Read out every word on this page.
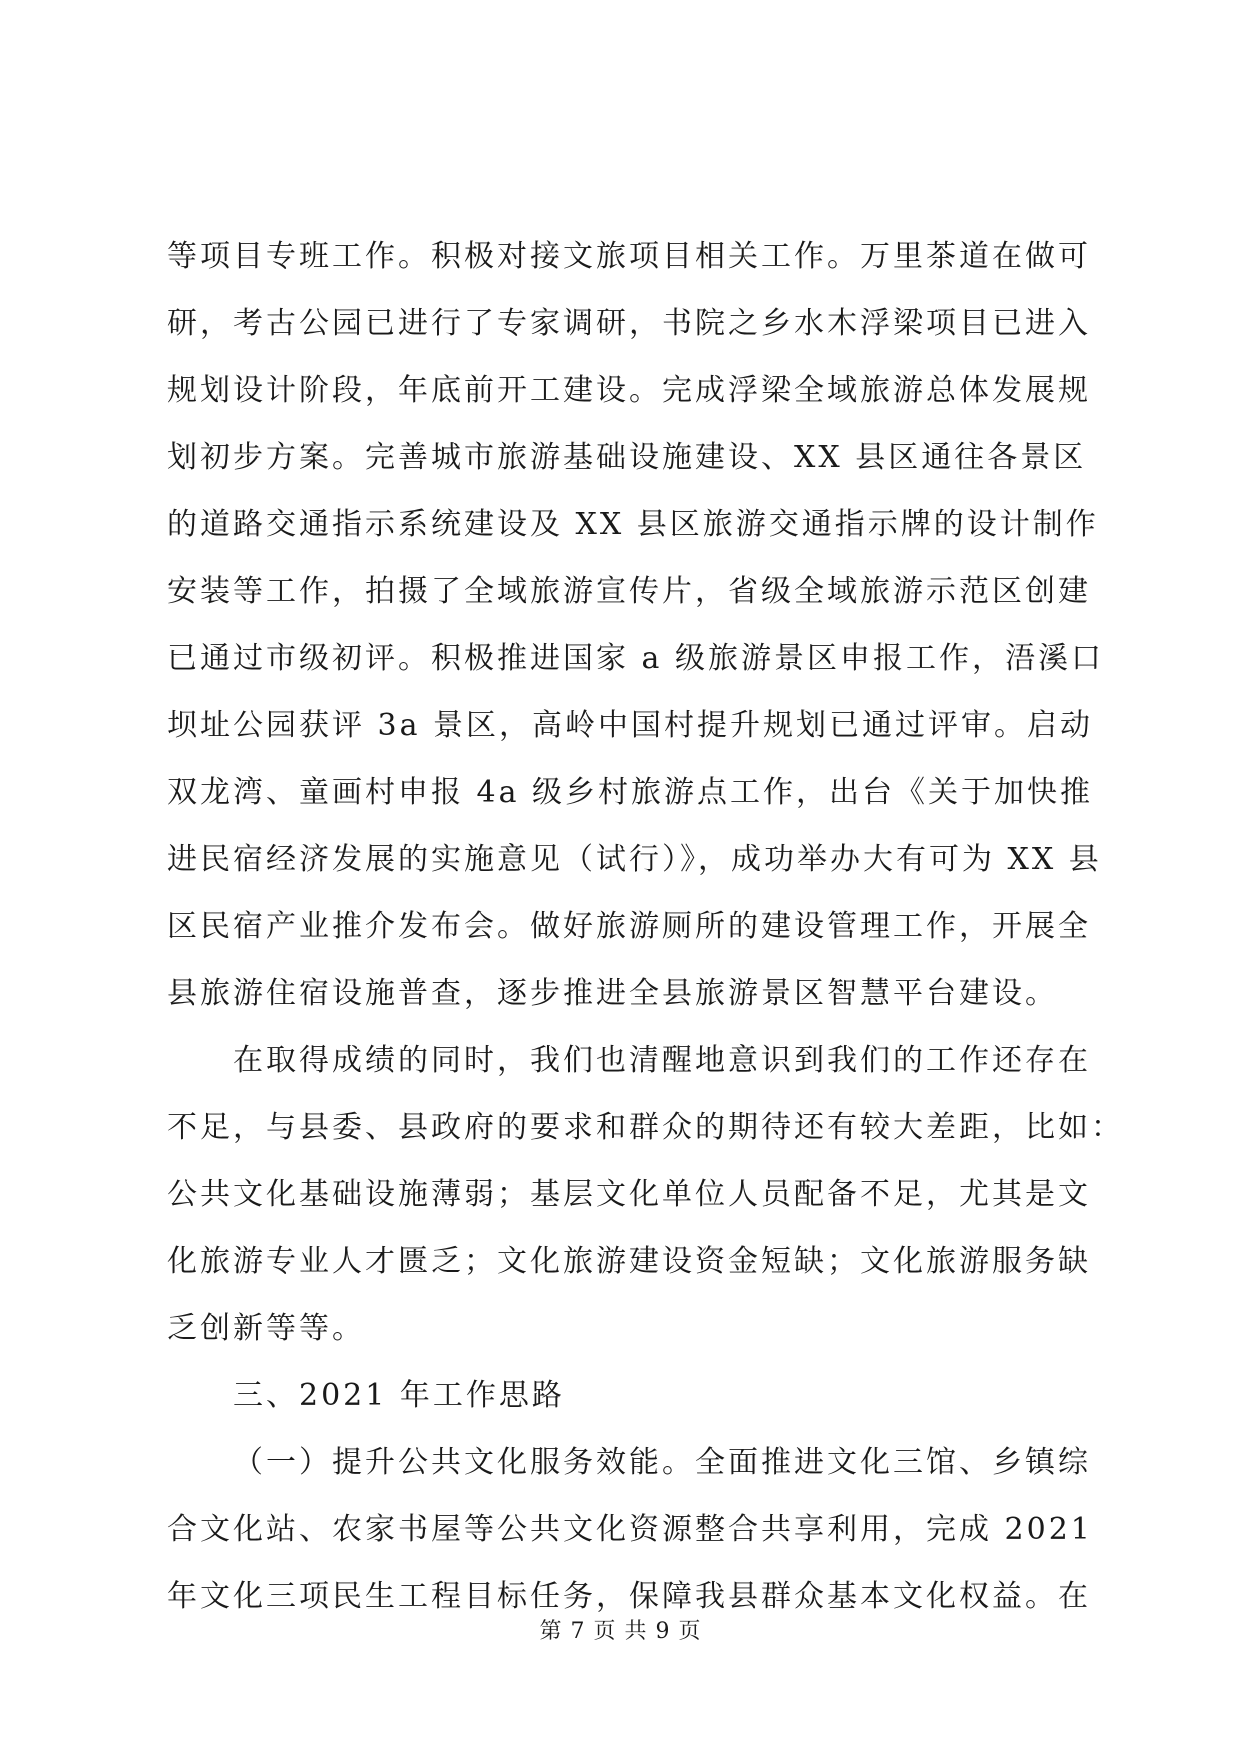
等项目专班工作。积极对接文旅项目相关工作。万里茶道在做可
研，考古公园已进行了专家调研，书院之乡水木浮梁项目已进入
规划设计阶段，年底前开工建设。完成浮梁全域旅游总体发展规
划初步方案。完善城市旅游基础设施建设、XX 县区通往各景区
的道路交通指示系统建设及 XX 县区旅游交通指示牌的设计制作
安装等工作，拍摄了全域旅游宣传片，省级全域旅游示范区创建
已通过市级初评。积极推进国家 a 级旅游景区申报工作，浯溪口
坝址公园获评 3a 景区，高岭中国村提升规划已通过评审。启动
双龙湾、童画村申报 4a 级乡村旅游点工作，出台《关于加快推
进民宿经济发展的实施意见（试行）》，成功举办大有可为 XX 县
区民宿产业推介发布会。做好旅游厕所的建设管理工作，开展全
县旅游住宿设施普查，逐步推进全县旅游景区智慧平台建设。

在取得成绩的同时，我们也清醒地意识到我们的工作还存在
不足，与县委、县政府的要求和群众的期待还有较大差距，比如：
公共文化基础设施薄弱；基层文化单位人员配备不足，尤其是文
化旅游专业人才匮乏；文化旅游建设资金短缺；文化旅游服务缺
乏创新等等。

三、2021 年工作思路

（一）提升公共文化服务效能。全面推进文化三馆、乡镇综
合文化站、农家书屋等公共文化资源整合共享利用，完成 2021
年文化三项民生工程目标任务，保障我县群众基本文化权益。在

第 7 页 共 9 页
